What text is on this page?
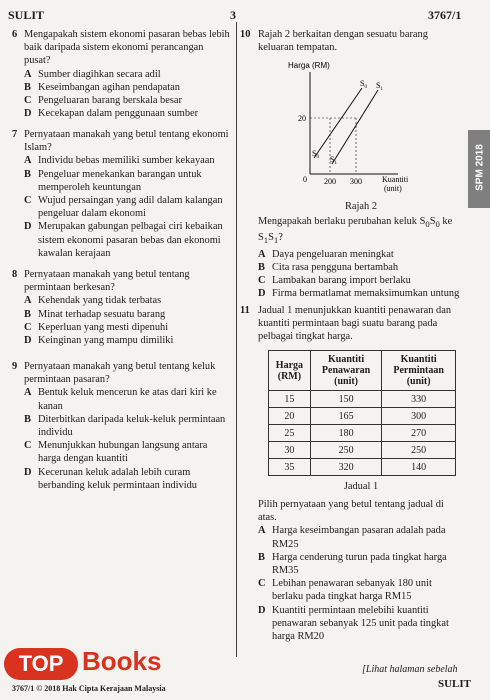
SULIT	3	3767/1
SPM 2018
6 Mengapakah sistem ekonomi pasaran bebas lebih baik daripada sistem ekonomi perancangan pusat?
A Sumber diagihkan secara adil
B Keseimbangan agihan pendapatan
C Pengeluaran barang berskala besar
D Kecekapan dalam penggunaan sumber
7 Pernyataan manakah yang betul tentang ekonomi Islam?
A Individu bebas memiliki sumber kekayaan
B Pengeluar menekankan barangan untuk memperoleh keuntungan
C Wujud persaingan yang adil dalam kalangan pengeluar dalam ekonomi
D Merupakan gabungan pelbagai ciri kebaikan sistem ekonomi pasaran bebas dan ekonomi kawalan kerajaan
8 Pernyataan manakah yang betul tentang permintaan berkesan?
A Kehendak yang tidak terbatas
B Minat terhadap sesuatu barang
C Keperluan yang mesti dipenuhi
D Keinginan yang mampu dimiliki
9 Pernyataan manakah yang betul tentang keluk permintaan pasaran?
A Bentuk keluk mencerun ke atas dari kiri ke kanan
B Diterbitkan daripada keluk-keluk permintaan individu
C Menunjukkan hubungan langsung antara harga dengan kuantiti
D Kecerunan keluk adalah lebih curam berbanding keluk permintaan individu
10 Rajah 2 berkaitan dengan sesuatu barang keluaran tempatan.
Harga (RM)
$S_0$ $S_1$
$S_0$ $S_1$
20
0 200 300	Kuantiti
(unit)
Rajah 2
Mengapakah berlaku perubahan keluk $S_0S_0$ ke
$S_1S_1$?
A Daya pengeluaran meningkat
B Cita rasa pengguna bertambah
C Lambakan barang import berlaku
D Firma bermatlamat memaksimumkan untung
11 Jadual 1 menunjukkan kuantiti penawaran dan kuantiti permintaan bagi suatu barang pada pelbagai tingkat harga.
Harga (RM)	Kuantiti Penawaran (unit)	Kuantiti Permintaan (unit)
15	150	330
20	165	300
25	180	270
30	250	250
35	320	140
Jadual 1
Pilih pernyataan yang betul tentang jadual di atas.
A Harga keseimbangan pasaran adalah pada RM25
B Harga cenderung turun pada tingkat harga RM35
C Lebihan penawaran sebanyak 180 unit berlaku pada tingkat harga RM15
D Kuantiti permintaan melebihi kuantiti penawaran sebanyak 125 unit pada tingkat harga RM20
[Lihat halaman sebelah
SULIT
TOP Books
3767/1 © 2018 Hak Cipta Kerajaan Malaysia
